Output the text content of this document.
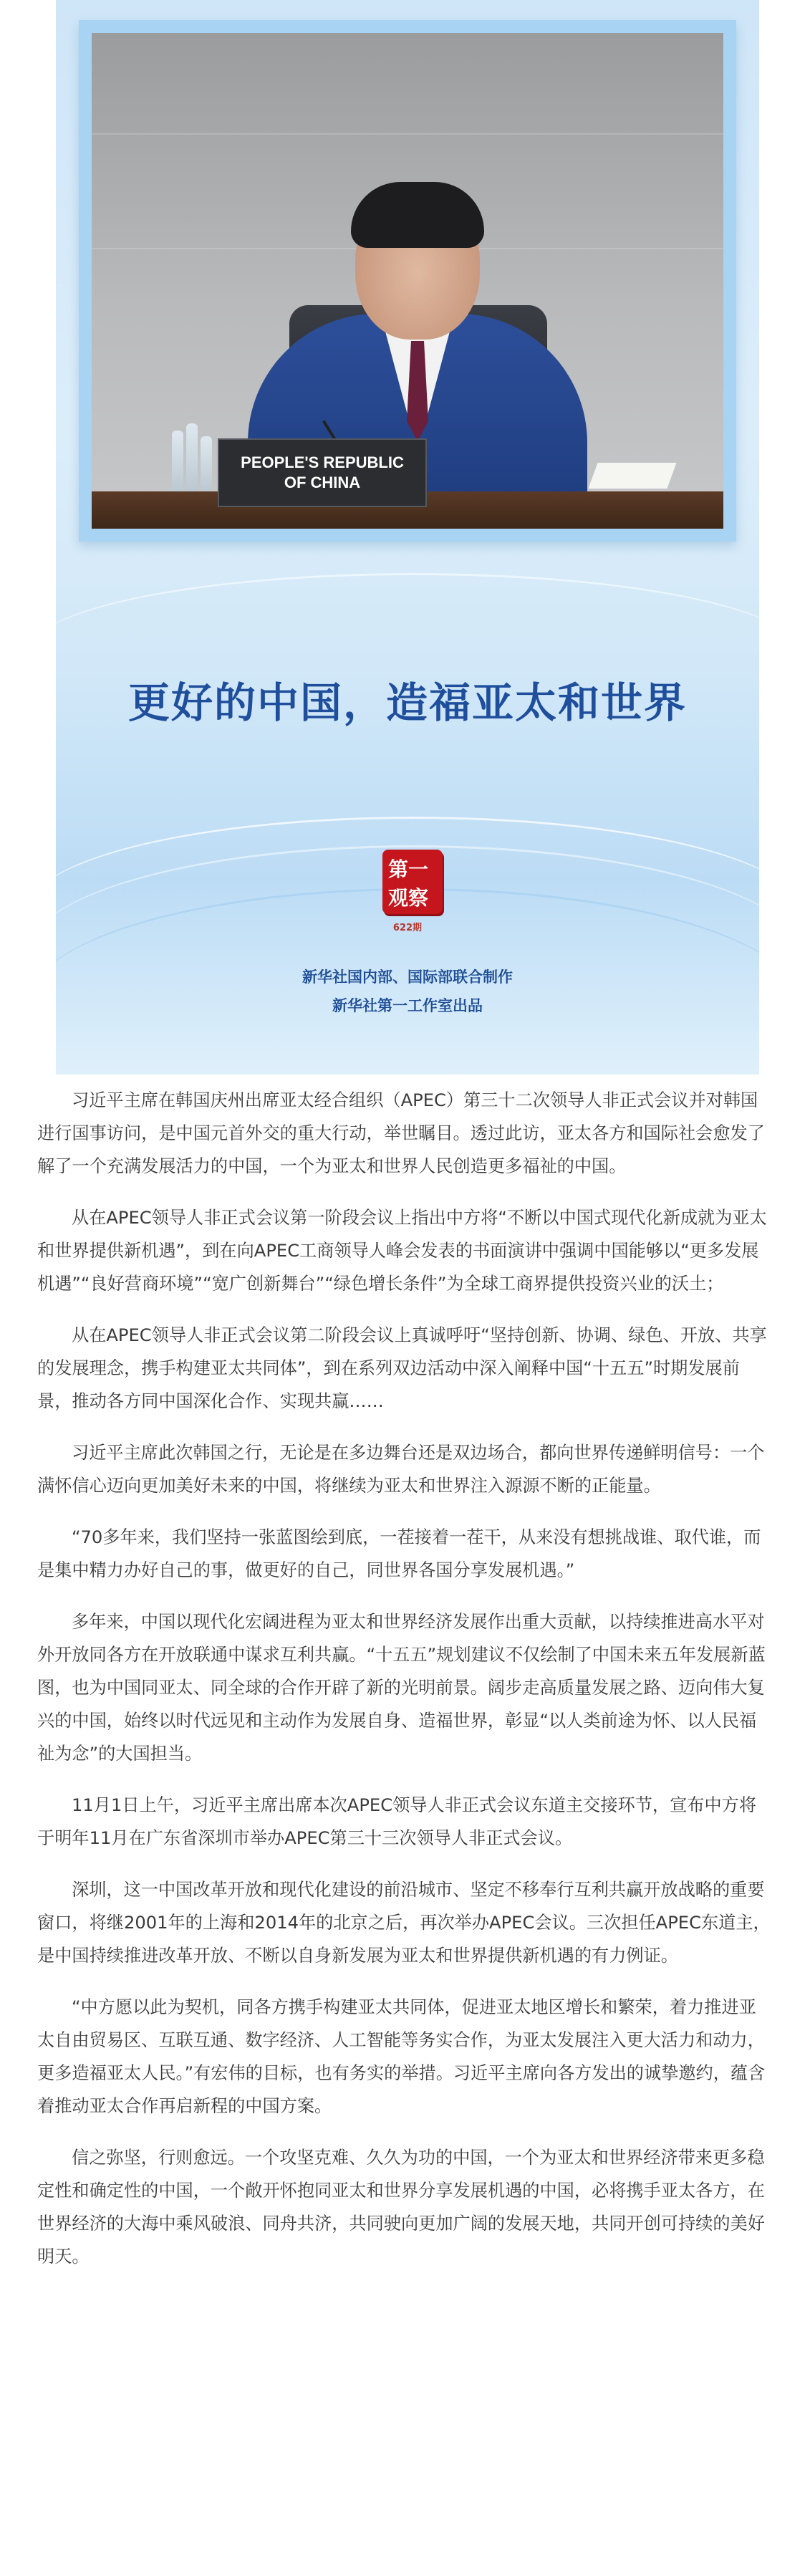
PEOPLE'S REPUBLIC
OF CHINA
更好的中国，造福亚太和世界
第一
观察
622期
新华社国内部、国际部联合制作
新华社第一工作室出品

习近平主席在韩国庆州出席亚太经合组织（APEC）第三十二次领导人非正式会议并对韩国进行国事访问，是中国元首外交的重大行动，举世瞩目。透过此访，亚太各方和国际社会愈发了解了一个充满发展活力的中国，一个为亚太和世界人民创造更多福祉的中国。

从在APEC领导人非正式会议第一阶段会议上指出中方将“不断以中国式现代化新成就为亚太和世界提供新机遇”，到在向APEC工商领导人峰会发表的书面演讲中强调中国能够以“更多发展机遇”“良好营商环境”“宽广创新舞台”“绿色增长条件”为全球工商界提供投资兴业的沃土；

从在APEC领导人非正式会议第二阶段会议上真诚呼吁“坚持创新、协调、绿色、开放、共享的发展理念，携手构建亚太共同体”，到在系列双边活动中深入阐释中国“十五五”时期发展前景，推动各方同中国深化合作、实现共赢……

习近平主席此次韩国之行，无论是在多边舞台还是双边场合，都向世界传递鲜明信号：一个满怀信心迈向更加美好未来的中国，将继续为亚太和世界注入源源不断的正能量。

“70多年来，我们坚持一张蓝图绘到底，一茬接着一茬干，从来没有想挑战谁、取代谁，而是集中精力办好自己的事，做更好的自己，同世界各国分享发展机遇。”

多年来，中国以现代化宏阔进程为亚太和世界经济发展作出重大贡献，以持续推进高水平对外开放同各方在开放联通中谋求互利共赢。“十五五”规划建议不仅绘制了中国未来五年发展新蓝图，也为中国同亚太、同全球的合作开辟了新的光明前景。阔步走高质量发展之路、迈向伟大复兴的中国，始终以时代远见和主动作为发展自身、造福世界，彰显“以人类前途为怀、以人民福祉为念”的大国担当。

11月1日上午，习近平主席出席本次APEC领导人非正式会议东道主交接环节，宣布中方将于明年11月在广东省深圳市举办APEC第三十三次领导人非正式会议。

深圳，这一中国改革开放和现代化建设的前沿城市、坚定不移奉行互利共赢开放战略的重要窗口，将继2001年的上海和2014年的北京之后，再次举办APEC会议。三次担任APEC东道主，是中国持续推进改革开放、不断以自身新发展为亚太和世界提供新机遇的有力例证。

“中方愿以此为契机，同各方携手构建亚太共同体，促进亚太地区增长和繁荣，着力推进亚太自由贸易区、互联互通、数字经济、人工智能等务实合作，为亚太发展注入更大活力和动力，更多造福亚太人民。”有宏伟的目标，也有务实的举措。习近平主席向各方发出的诚挚邀约，蕴含着推动亚太合作再启新程的中国方案。

信之弥坚，行则愈远。一个攻坚克难、久久为功的中国，一个为亚太和世界经济带来更多稳定性和确定性的中国，一个敞开怀抱同亚太和世界分享发展机遇的中国，必将携手亚太各方，在世界经济的大海中乘风破浪、同舟共济，共同驶向更加广阔的发展天地，共同开创可持续的美好明天。
